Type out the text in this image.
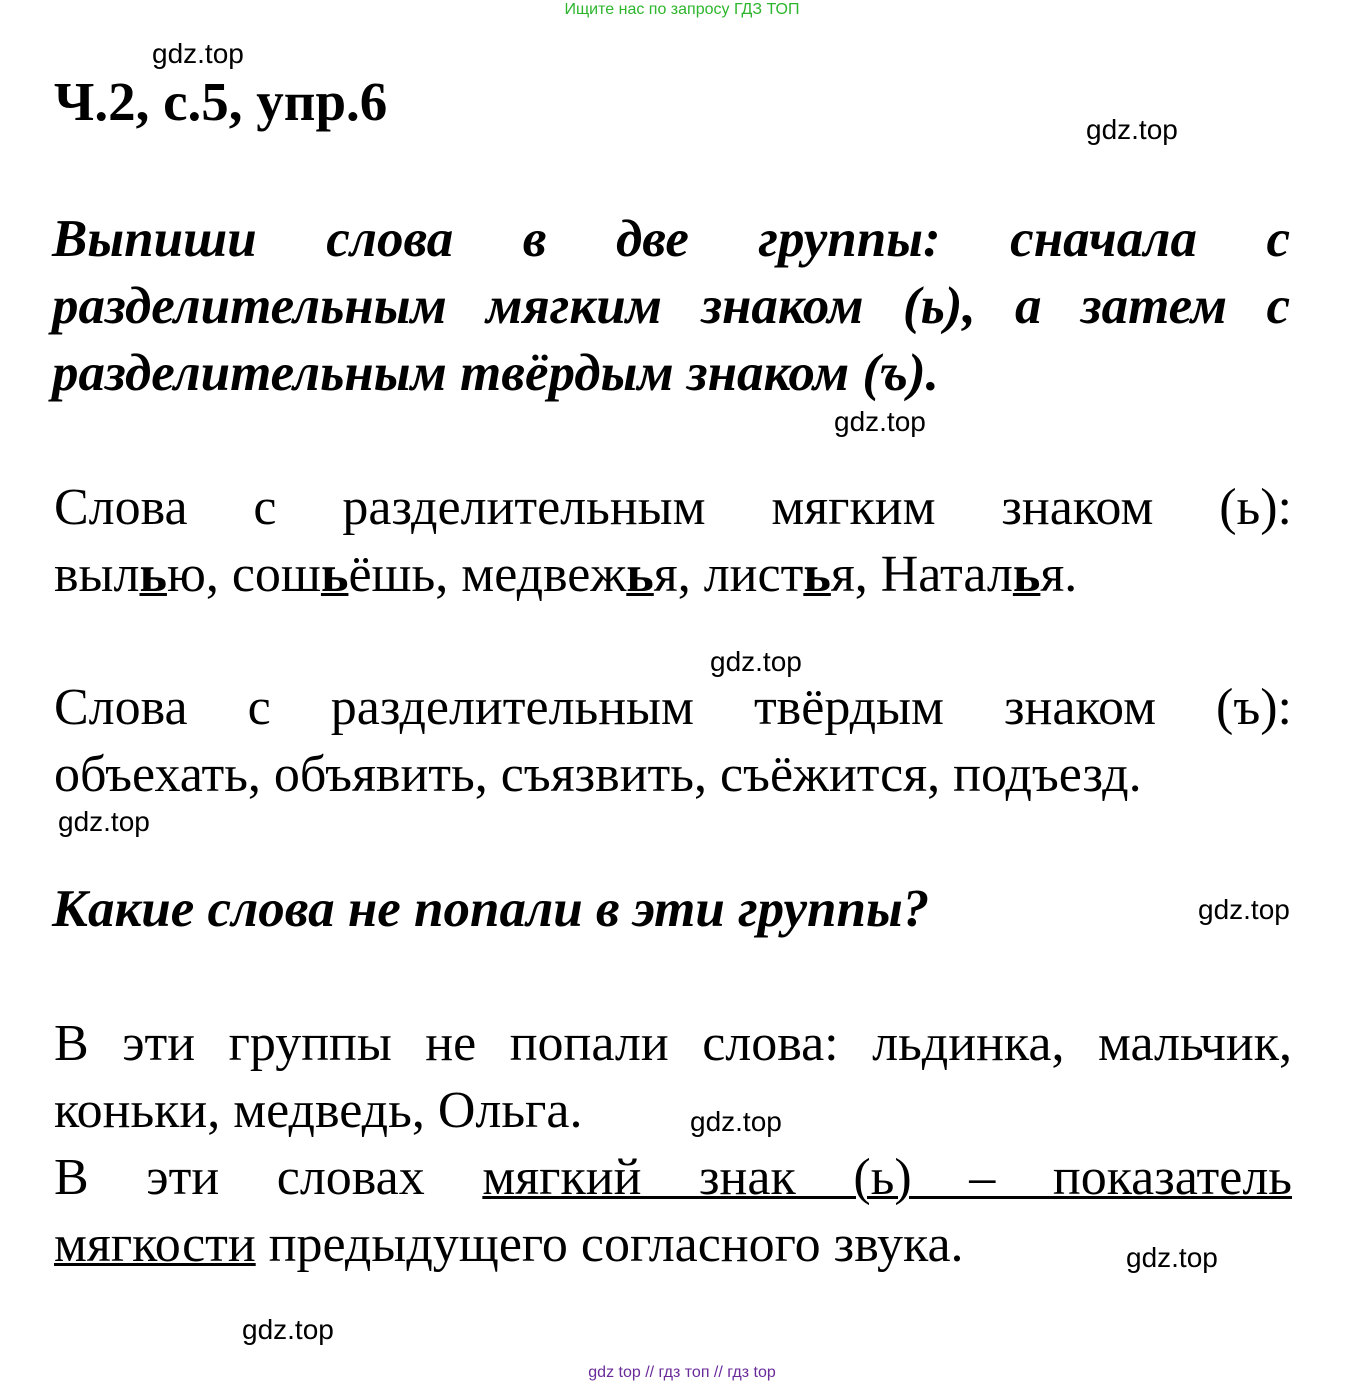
Ищите нас по запросу ГДЗ ТОП
gdz.top
Ч.2, с.5, упр.6	gdz.top
Выпиши слова в две группы: сначала с
разделительным мягким знаком (ь), а затем с
разделительным твёрдым знаком (ъ).
gdz.top
Слова с разделительным мягким знаком (ь):
вылью, сошьёшь, медвежья, листья, Наталья.
gdz.top
Слова с разделительным твёрдым знаком (ъ):
объехать, объявить, съязвить, съёжится, подъезд.
gdz.top
Какие слова не попали в эти группы?	gdz.top
В эти группы не попали слова: льдинка, мальчик,
коньки, медведь, Ольга.
В эти словах мягкий знак (ь) – показатель
мягкости предыдущего согласного звука.
gdz.top
gdz.top
gdz.top
gdz top // гдз топ // гдз top
